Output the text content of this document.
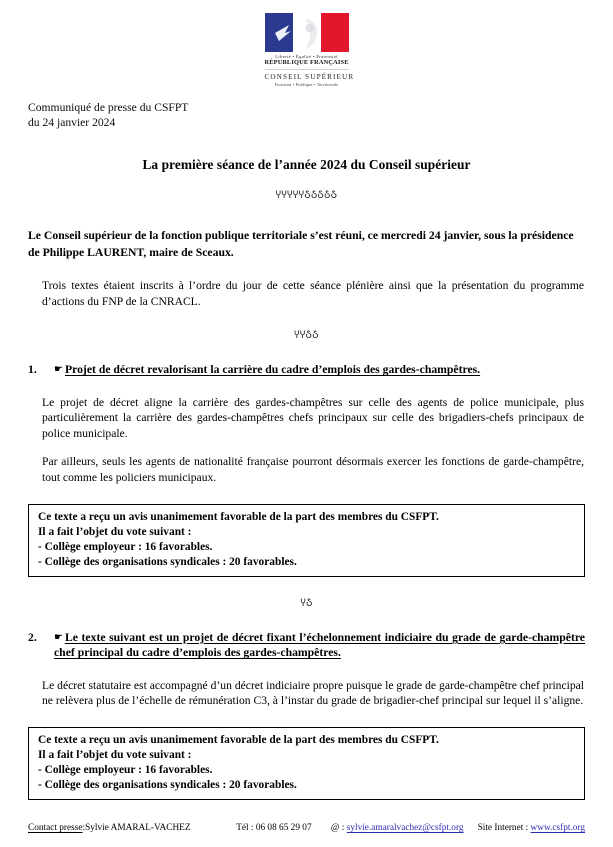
Liberté • Égalité • Fraternité
RÉPUBLIQUE FRANÇAISE
CONSEIL SUPÉRIEUR
Fonction • Publique • Territoriale
Communiqué de presse du CSFPT
du 24 janvier 2024
La première séance de l’année 2024 du Conseil supérieur
ჄჄჄჄჄჂჂჂჂჂ
Le Conseil supérieur de la fonction publique territoriale s’est réuni, ce mercredi 24 janvier, sous la présidence de Philippe LAURENT, maire de Sceaux.
Trois textes étaient inscrits à l’ordre du jour de cette séance plénière ainsi que la présentation du programme d’actions du FNP de la CNRACL.
ჄჄჂჂ
1.	☛ Projet de décret revalorisant la carrière du cadre d’emplois des gardes-champêtres.
Le projet de décret aligne la carrière des gardes-champêtres sur celle des agents de police municipale, plus particulièrement la carrière des gardes-champêtres chefs principaux sur celle des brigadiers-chefs principaux de police municipale.
Par ailleurs, seuls les agents de nationalité française pourront désormais exercer les fonctions de garde-champêtre, tout comme les policiers municipaux.
Ce texte a reçu un avis unanimement favorable de la part des membres du CSFPT.
Il a fait l’objet du vote suivant :
- Collège employeur : 16 favorables.
- Collège des organisations syndicales : 20 favorables.
ჄჂ
2.	☛ Le texte suivant est un projet de décret fixant l’échelonnement indiciaire du grade de garde-champêtre chef principal du cadre d’emplois des gardes-champêtres.
Le décret statutaire est accompagné d’un décret indiciaire propre puisque le grade de garde-champêtre chef principal ne relèvera plus de l’échelle de rémunération C3, à l’instar du grade de brigadier-chef principal sur lequel il s’aligne.
Ce texte a reçu un avis unanimement favorable de la part des membres du CSFPT.
Il a fait l’objet du vote suivant :
- Collège employeur : 16 favorables.
- Collège des organisations syndicales : 20 favorables.
Contact presse :Sylvie AMARAL-VACHEZ	Tél :
06 08 65 29 07 @
:
sylvie.amaralvachez@csfpt.org Site Internet :
www.csfpt.org
